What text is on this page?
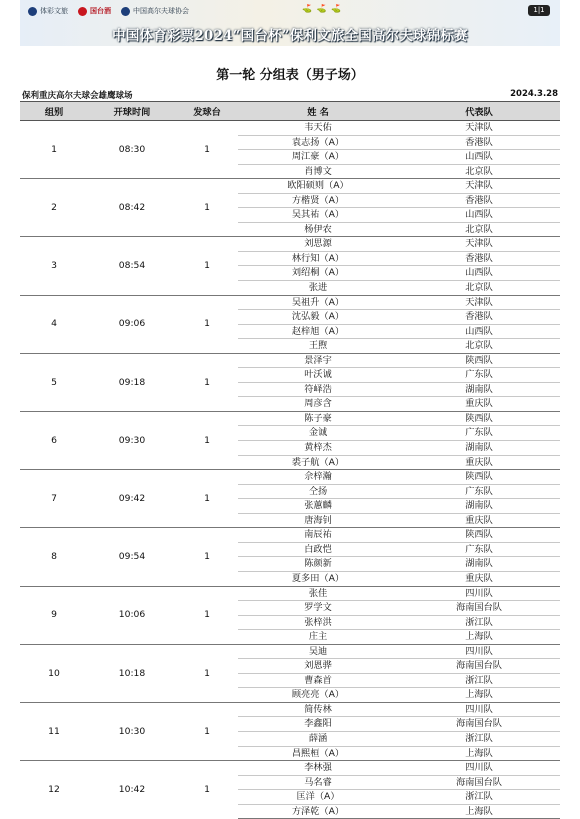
体彩文旅	国台酒	中国高尔夫球协会	⛳ ⛳ ⛳	1|1
中国体育彩票2024“国台杯”保利文旅全国高尔夫球锦标赛
第一轮 分组表（男子场）
保利重庆高尔夫球会雄鹰球场	2024.3.28
组别	开球时间	发球台	姓 名	代表队
1	08:30	1	韦天佑	天津队
			袁志扬（A）	香港队
			周江豪（A）	山西队
			肖博文	北京队
2	08:42	1	欧阳硕则（A）	天津队
			方楷贤（A）	香港队
			吴其祐（A）	山西队
			杨伊农	北京队
3	08:54	1	刘思源	天津队
			林行知（A）	香港队
			刘绍桐（A）	山西队
			张进	北京队
4	09:06	1	吴祖升（A）	天津队
			沈弘毅（A）	香港队
			赵梓旭（A）	山西队
			王煦	北京队
5	09:18	1	景泽宇	陕西队
			叶沃诚	广东队
			符峄浩	湖南队
			周彦含	重庆队
6	09:30	1	陈子豪	陕西队
			金诚	广东队
			黄梓杰	湖南队
			裘子航（A）	重庆队
7	09:42	1	佘梓瀚	陕西队
			仝扬	广东队
			张蕙麟	湖南队
			唐海钊	重庆队
8	09:54	1	南辰祐	陕西队
			白政恺	广东队
			陈颜新	湖南队
			夏多田（A）	重庆队
9	10:06	1	张佳	四川队
			罗学文	海南国台队
			张梓洪	浙江队
			庄主	上海队
10	10:18	1	吴迪	四川队
			刘恩骅	海南国台队
			曹森首	浙江队
			顾亮亮（A）	上海队
11	10:30	1	简传林	四川队
			李鑫阳	海南国台队
			薛涵	浙江队
			昌熙桓（A）	上海队
12	10:42	1	李林强	四川队
			马名睿	海南国台队
			匡洋（A）	浙江队
			方泽乾（A）	上海队
